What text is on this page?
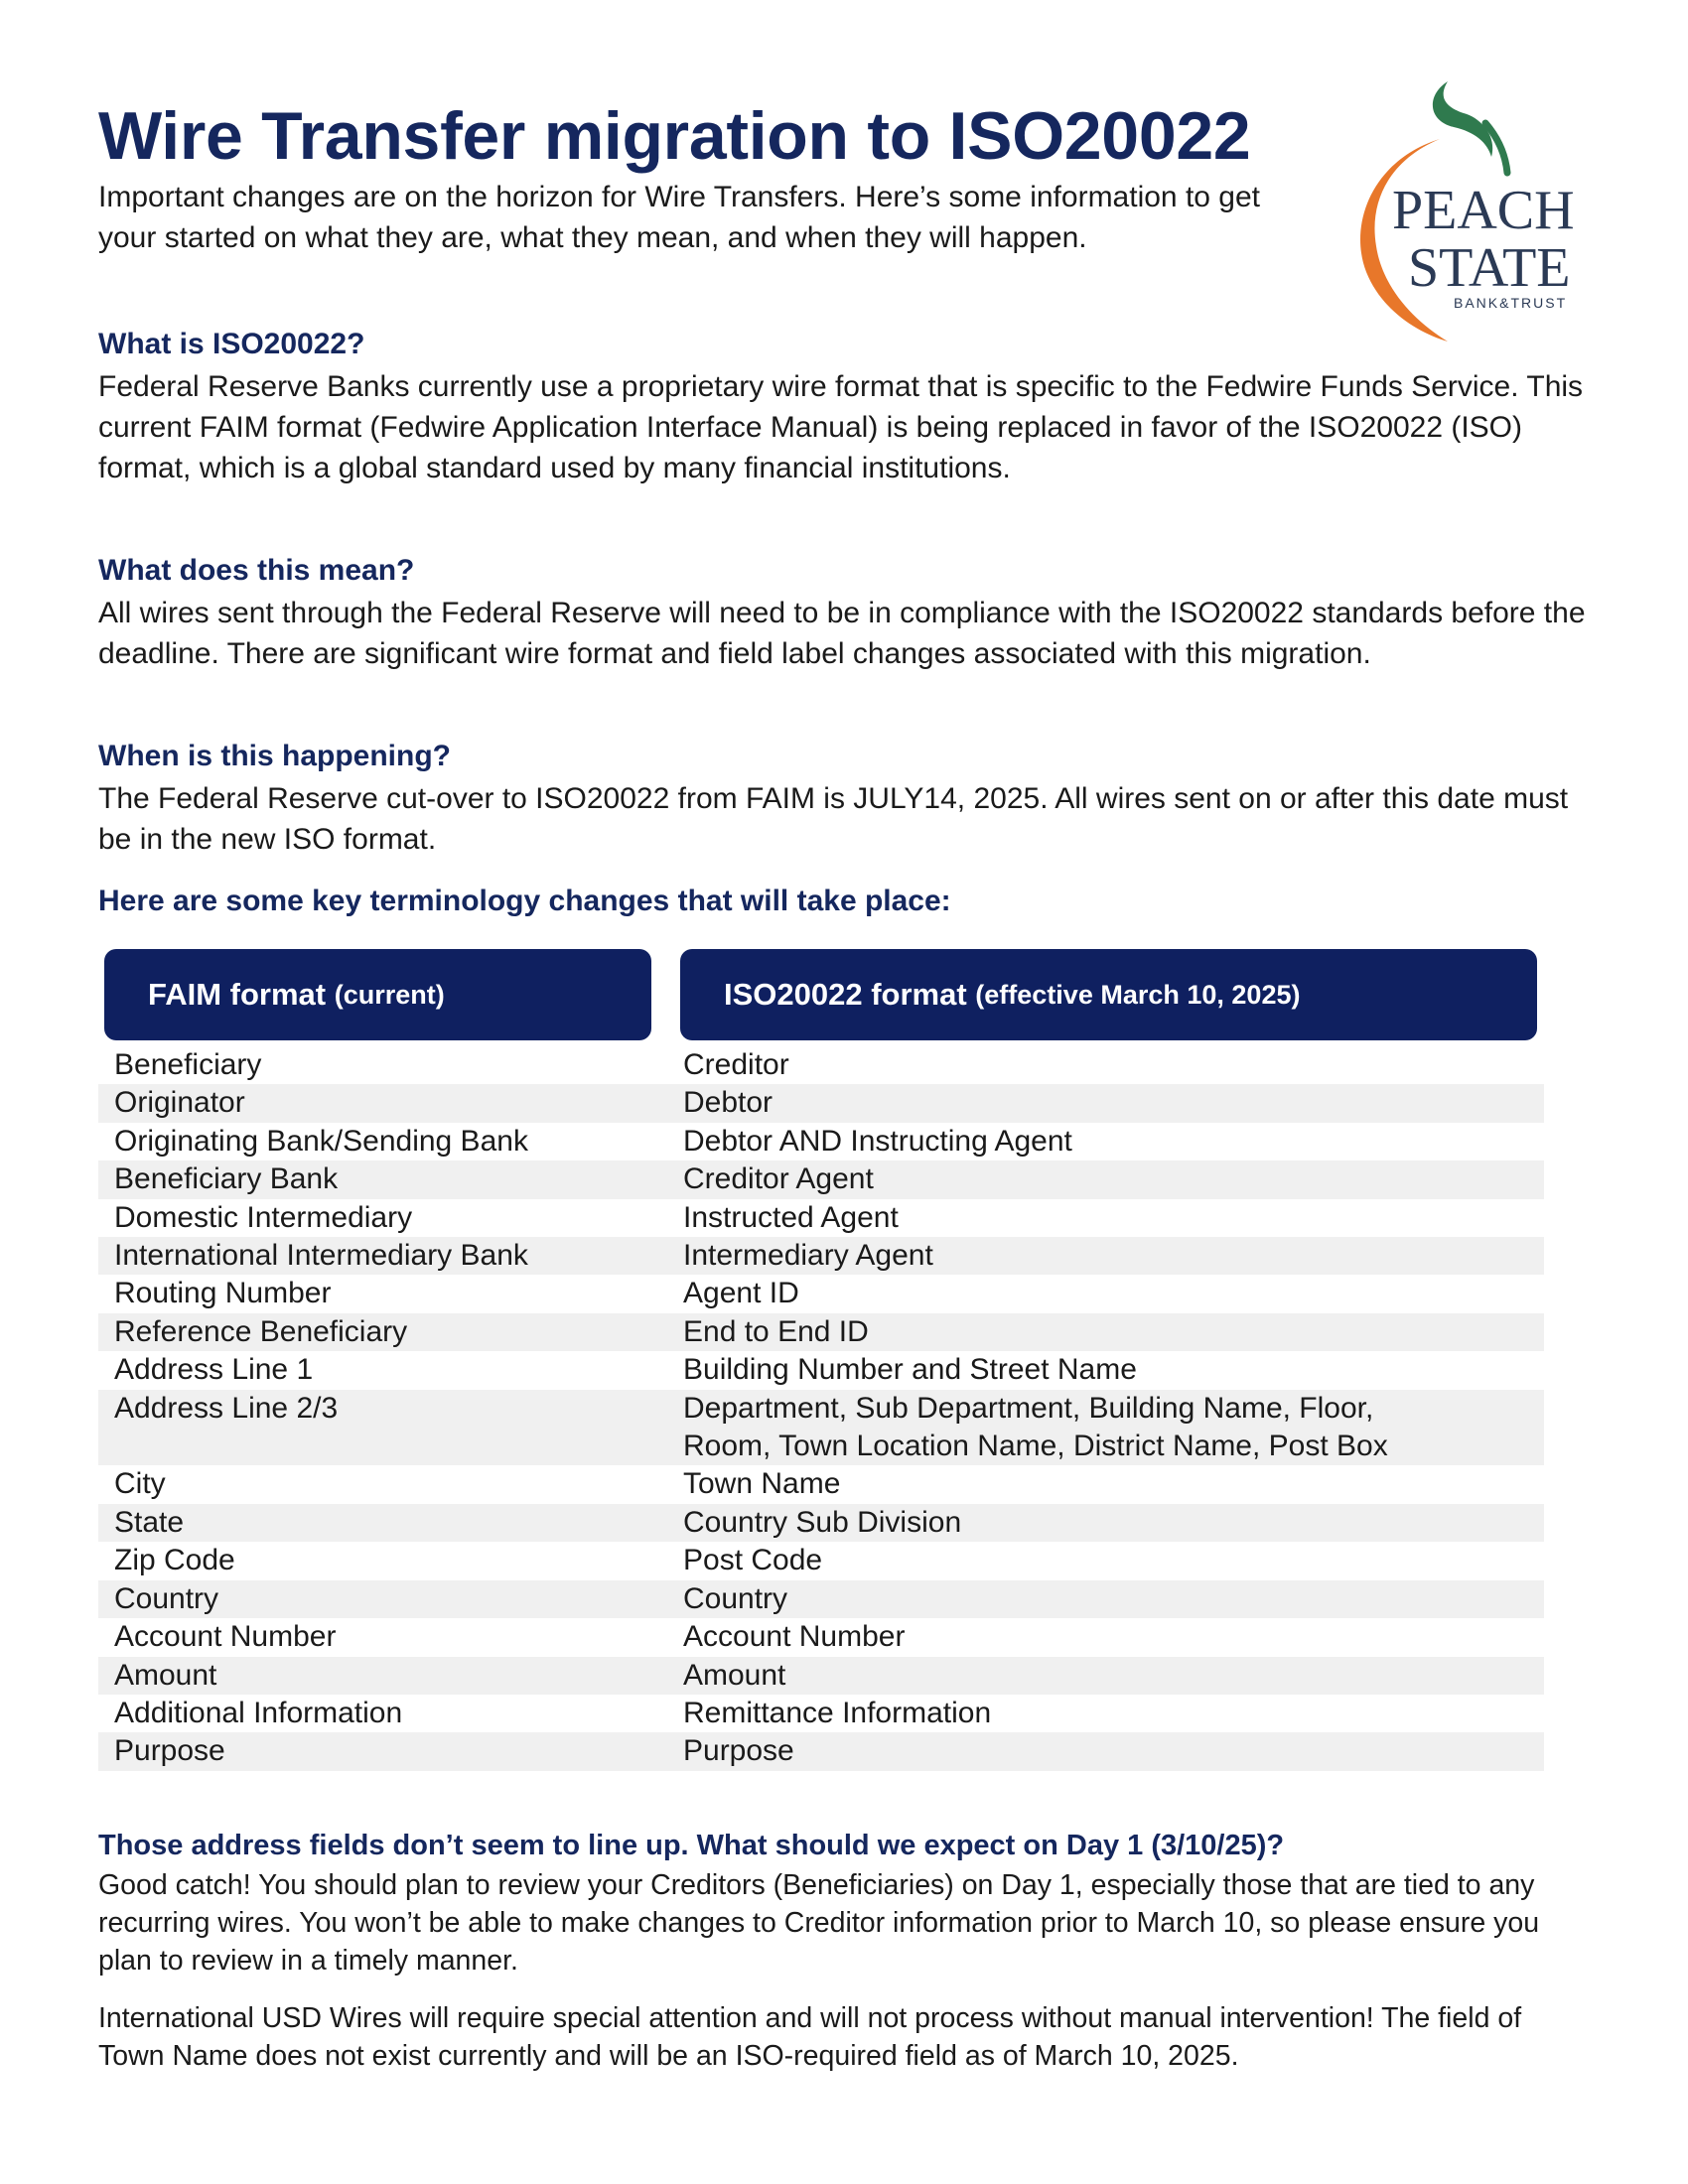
Wire Transfer migration to ISO20022

Important changes are on the horizon for Wire Transfers. Here’s some information to get your started on what they are, what they mean, and when they will happen.

What is ISO20022?

Federal Reserve Banks currently use a proprietary wire format that is specific to the Fedwire Funds Service. This current FAIM format (Fedwire Application Interface Manual) is being replaced in favor of the ISO20022 (ISO) format, which is a global standard used by many financial institutions.

What does this mean?

All wires sent through the Federal Reserve will need to be in compliance with the ISO20022 standards before the deadline. There are significant wire format and field label changes associated with this migration.

When is this happening?

The Federal Reserve cut-over to ISO20022 from FAIM is JULY14, 2025. All wires sent on or after this date must be in the new ISO format.

Here are some key terminology changes that will take place:
FAIM format
(current)	ISO20022 format
(effective March 10, 2025)
Beneficiary	Creditor
Originator	Debtor
Originating Bank/Sending Bank	Debtor AND Instructing Agent
Beneficiary Bank	Creditor Agent
Domestic Intermediary	Instructed Agent
International Intermediary Bank	Intermediary Agent
Routing Number	Agent ID
Reference Beneficiary	End to End ID
Address Line 1	Building Number and Street Name
Address Line 2/3	Department, Sub Department, Building Name, Floor,
Room, Town Location Name, District Name, Post Box
City	Town Name
State	Country Sub Division
Zip Code	Post Code
Country	Country
Account Number	Account Number
Amount	Amount
Additional Information	Remittance Information
Purpose	Purpose
Those address fields don’t seem to line up. What should we expect on Day 1 (3/10/25)?

Good catch! You should plan to review your Creditors (Beneficiaries) on Day 1, especially those that are tied to any recurring wires. You won’t be able to make changes to Creditor information prior to March 10, so please ensure you plan to review in a timely manner.

International USD Wires will require special attention and will not process without manual intervention! The field of Town Name does not exist currently and will be an ISO-required field as of March 10, 2025.

PEACH
STATE
BANK&TRUST
